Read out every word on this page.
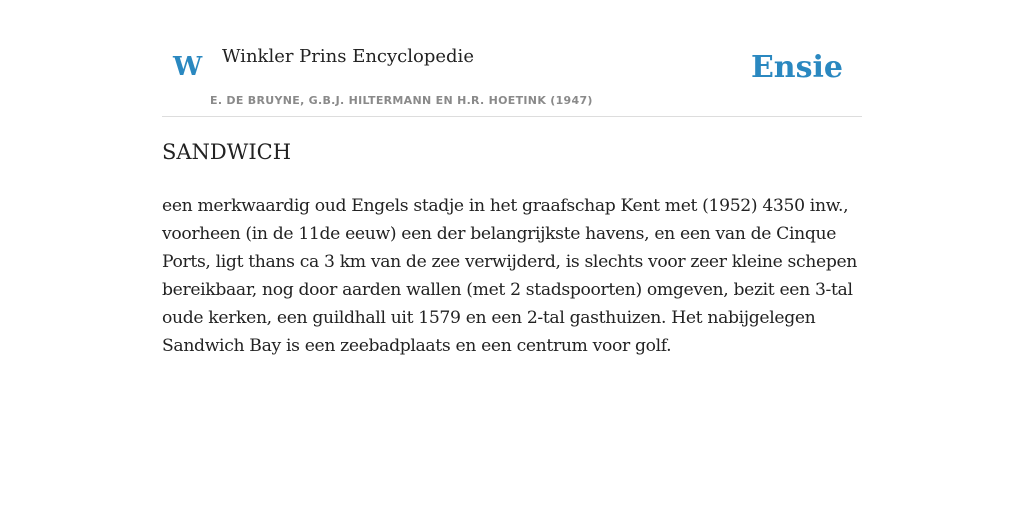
W Winkler Prins Encyclopedie
E. DE BRUYNE, G.B.J. HILTERMANN EN H.R. HOETINK (1947)
Ensie
SANDWICH

een merkwaardig oud Engels stadje in het graafschap Kent met (1952) 4350 inw., voorheen (in de 11de eeuw) een der belangrijkste havens, en een van de Cinque Ports, ligt thans ca 3 km van de zee verwijderd, is slechts voor zeer kleine schepen bereikbaar, nog door aarden wallen (met 2 stadspoorten) omgeven, bezit een 3-tal oude kerken, een guildhall uit 1579 en een 2-tal gasthuizen. Het nabijgelegen Sandwich Bay is een zeebadplaats en een centrum voor golf.
